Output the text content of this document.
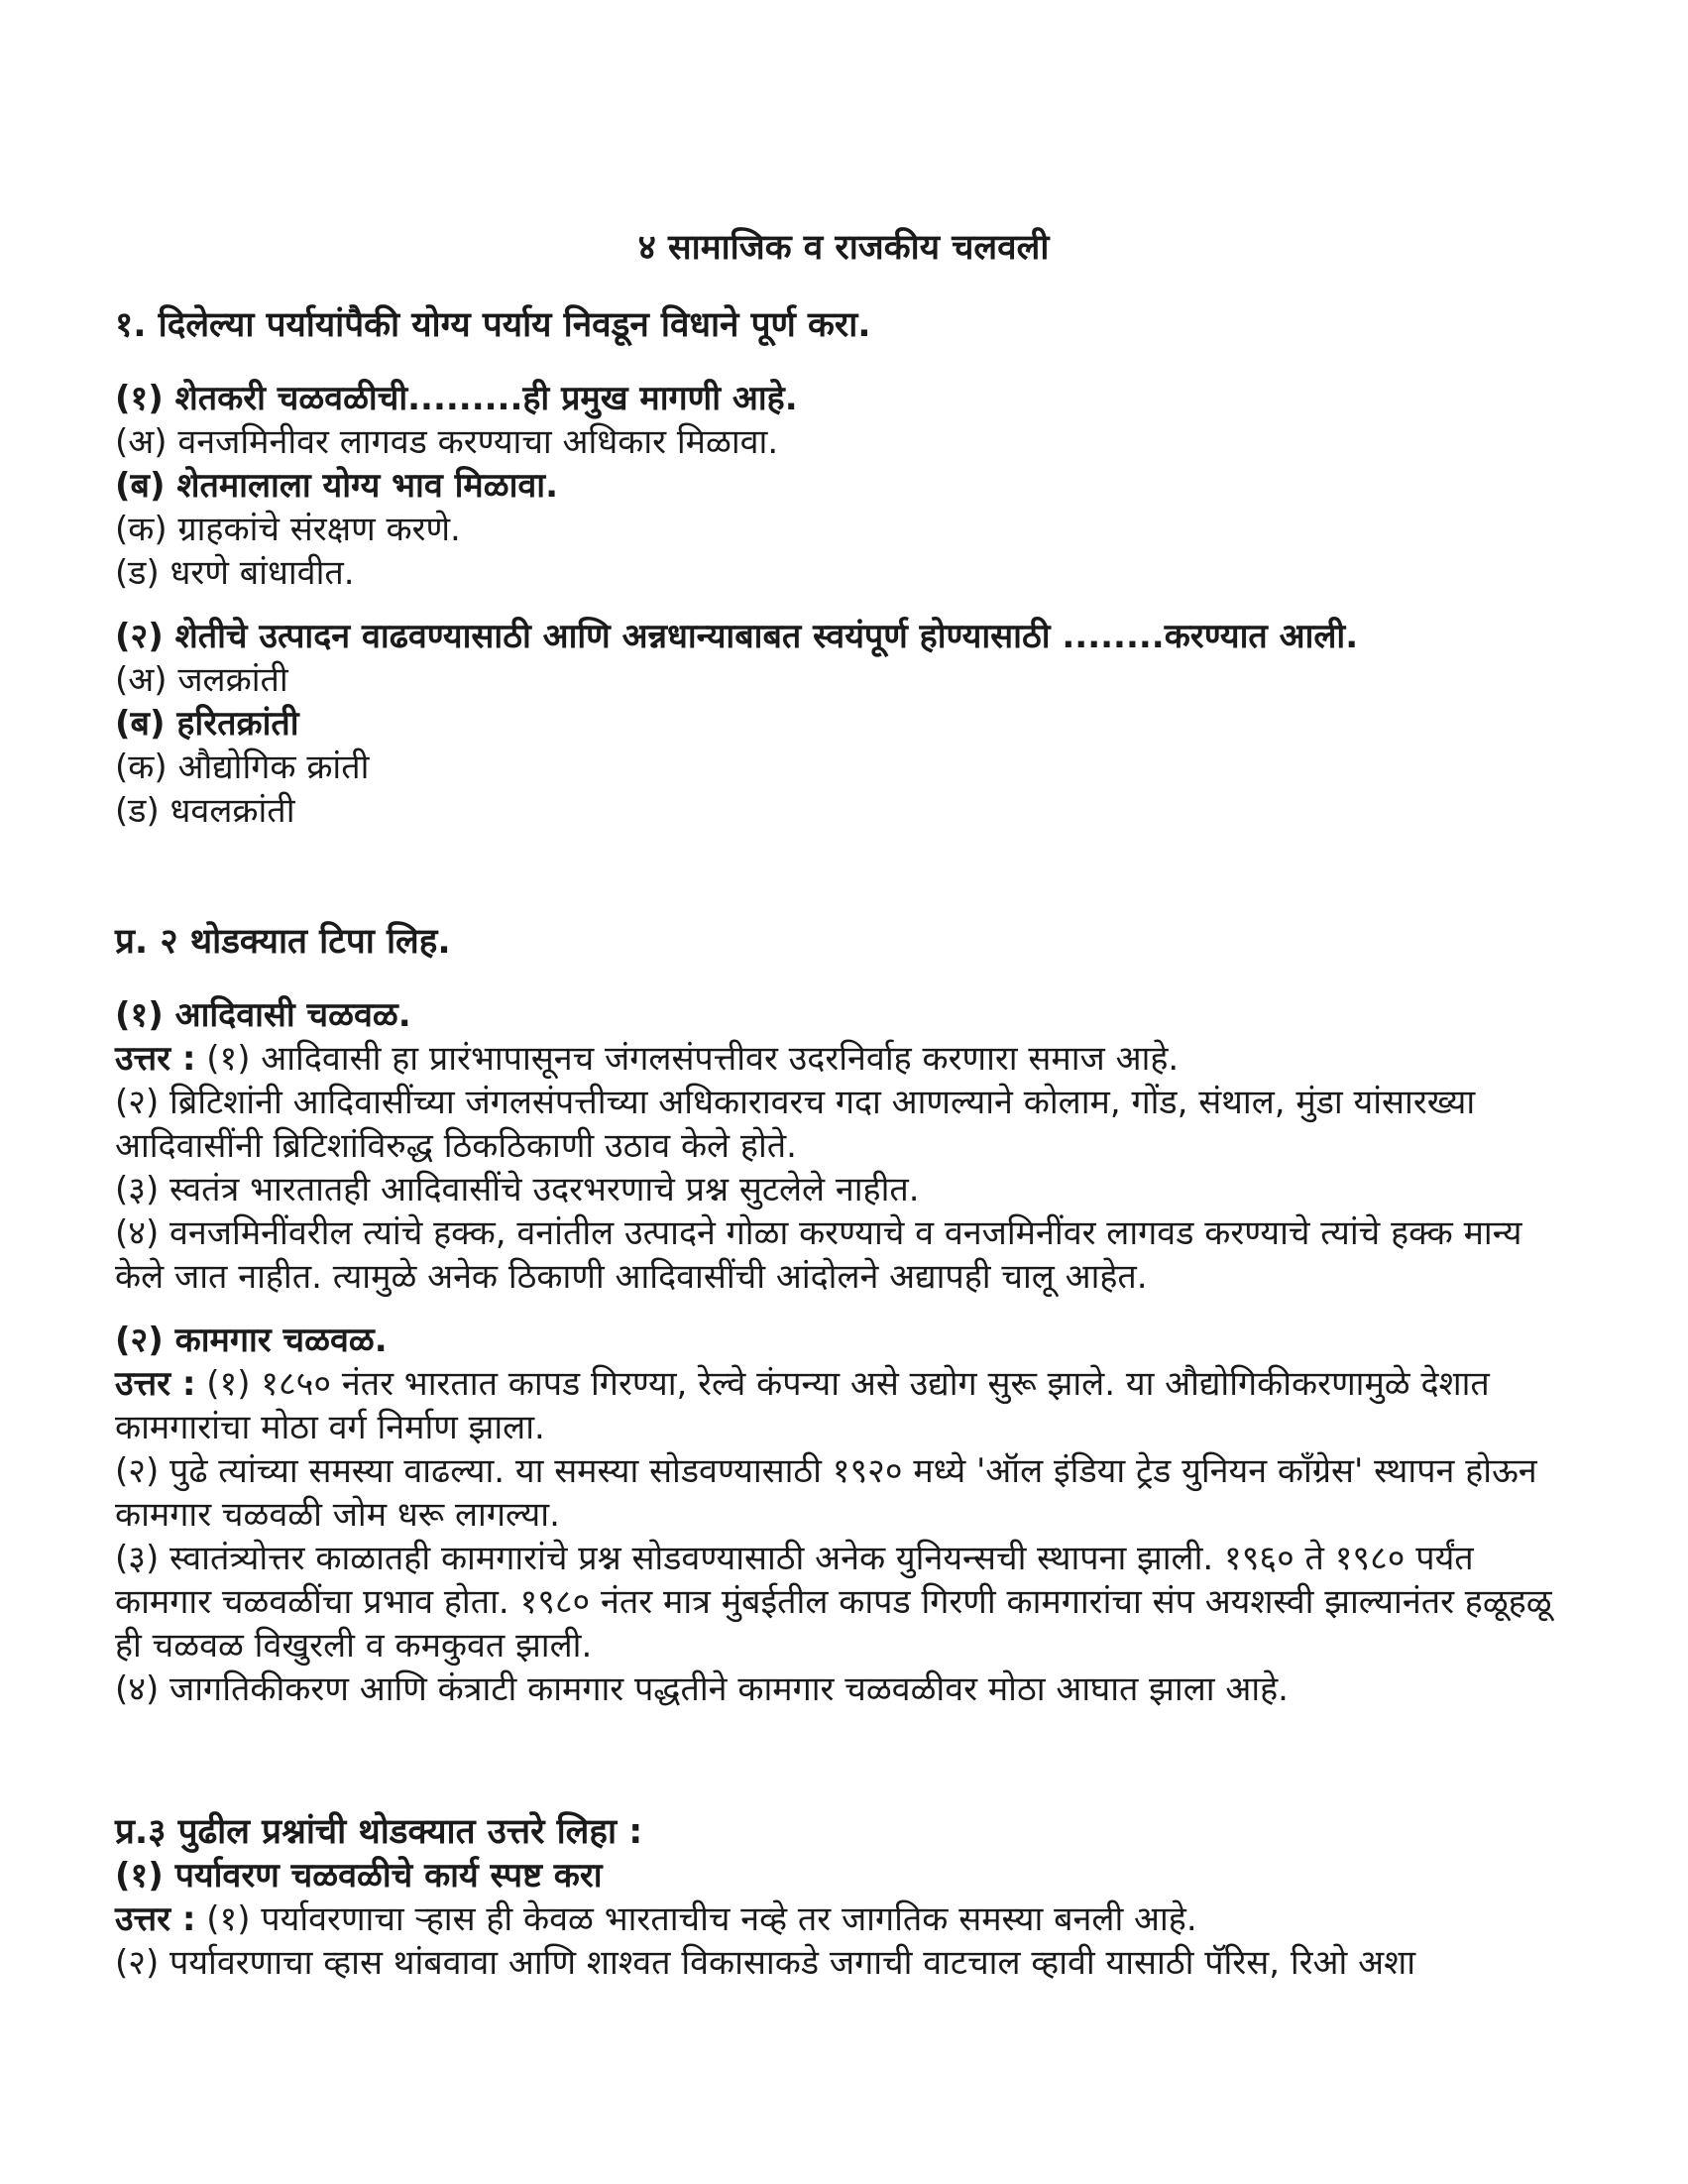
४ सामाजिक व राजकीय चलवली
१. दिलेल्या पर्यायांपैकी योग्य पर्याय निवडून विधाने पूर्ण करा.
(१) शेतकरी चळवळीची.........ही प्रमुख मागणी आहे.
(अ) वनजमिनीवर लागवड करण्याचा अधिकार मिळावा.
(ब) शेतमालाला योग्य भाव मिळावा.
(क) ग्राहकांचे संरक्षण करणे.
(ड) धरणे बांधावीत.
(२) शेतीचे उत्पादन वाढवण्यासाठी आणि अन्नधान्याबाबत स्वयंपूर्ण होण्यासाठी ........करण्यात आली.
(अ) जलक्रांती
(ब) हरितक्रांती
(क) औद्योगिक क्रांती
(ड) धवलक्रांती
प्र. २ थोडक्यात टिपा लिह.
(१) आदिवासी चळवळ.
उत्तर : (१) आदिवासी हा प्रारंभापासूनच जंगलसंपत्तीवर उदरनिर्वाह करणारा समाज आहे.
(२) ब्रिटिशांनी आदिवासींच्या जंगलसंपत्तीच्या अधिकारावरच गदा आणल्याने कोलाम, गोंड, संथाल, मुंडा यांसारख्या आदिवासींनी ब्रिटिशांविरुद्ध ठिकठिकाणी उठाव केले होते.
(३) स्वतंत्र भारतातही आदिवासींचे उदरभरणाचे प्रश्न सुटलेले नाहीत.
(४) वनजमिनींवरील त्यांचे हक्क, वनांतील उत्पादने गोळा करण्याचे व वनजमिनींवर लागवड करण्याचे त्यांचे हक्क मान्य केले जात नाहीत. त्यामुळे अनेक ठिकाणी आदिवासींची आंदोलने अद्यापही चालू आहेत.
(२) कामगार चळवळ.
उत्तर : (१) १८५० नंतर भारतात कापड गिरण्या, रेल्वे कंपन्या असे उद्योग सुरू झाले. या औद्योगिकीकरणामुळे देशात कामगारांचा मोठा वर्ग निर्माण झाला.
(२) पुढे त्यांच्या समस्या वाढल्या. या समस्या सोडवण्यासाठी १९२० मध्ये 'ऑल इंडिया ट्रेड युनियन काँग्रेस' स्थापन होऊन कामगार चळवळी जोम धरू लागल्या.
(३) स्वातंत्र्योत्तर काळातही कामगारांचे प्रश्न सोडवण्यासाठी अनेक युनियन्सची स्थापना झाली. १९६० ते १९८० पर्यंत कामगार चळवळींचा प्रभाव होता. १९८० नंतर मात्र मुंबईतील कापड गिरणी कामगारांचा संप अयशस्वी झाल्यानंतर हळूहळू ही चळवळ विखुरली व कमकुवत झाली.
(४) जागतिकीकरण आणि कंत्राटी कामगार पद्धतीने कामगार चळवळीवर मोठा आघात झाला आहे.
प्र.३ पुढील प्रश्नांची थोडक्यात उत्तरे लिहा :
(१) पर्यावरण चळवळीचे कार्य स्पष्ट करा
उत्तर : (१) पर्यावरणाचा ऱ्हास ही केवळ भारताचीच नव्हे तर जागतिक समस्या बनली आहे.
(२) पर्यावरणाचा व्हास थांबवावा आणि शाश्वत विकासाकडे जगाची वाटचाल व्हावी यासाठी पॅरिस, रिओ अशा
